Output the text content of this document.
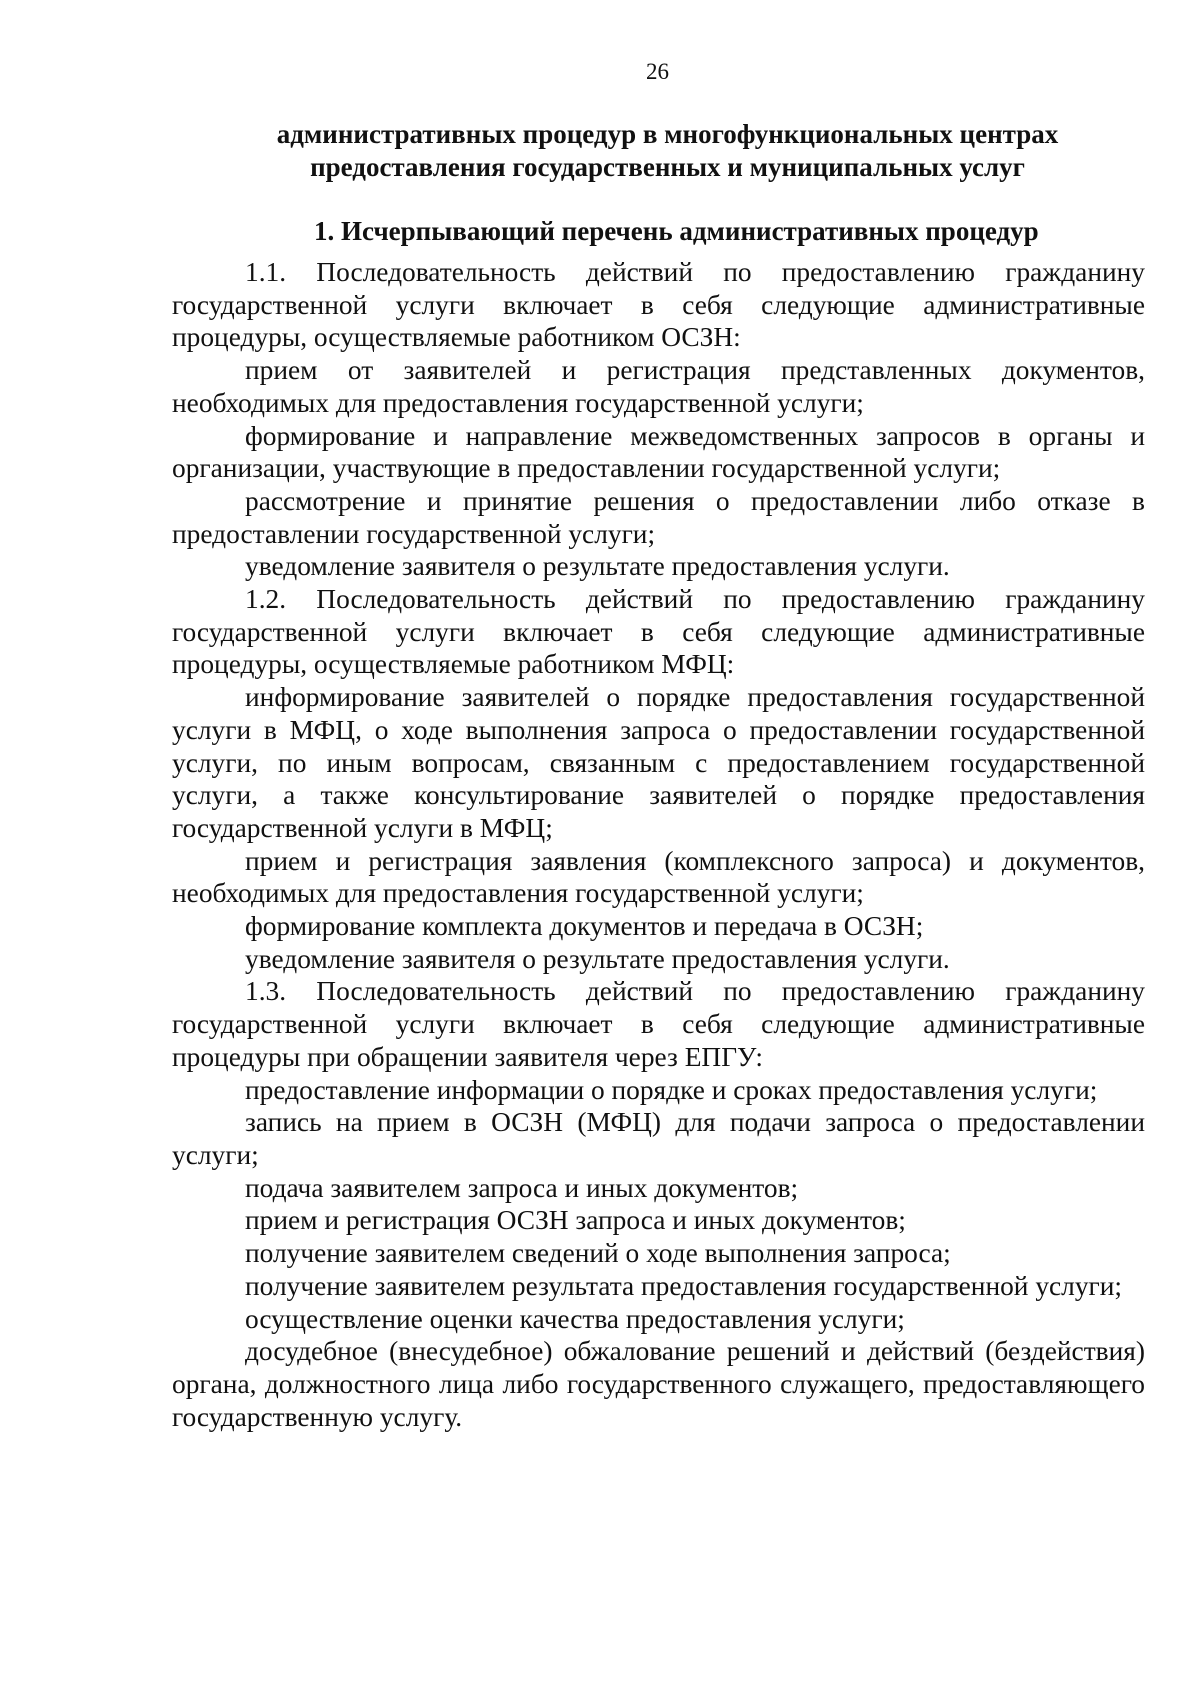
26
административных процедур в многофункциональных центрах
предоставления государственных и муниципальных услуг
1. Исчерпывающий перечень административных процедур

1.1. Последовательность действий по предоставлению гражданину государственной услуги включает в себя следующие административные процедуры, осуществляемые работником ОСЗН:

прием от заявителей и регистрация представленных документов, необходимых для предоставления государственной услуги;

формирование и направление межведомственных запросов в органы и организации, участвующие в предоставлении государственной услуги;

рассмотрение и принятие решения о предоставлении либо отказе в предоставлении государственной услуги;

уведомление заявителя о результате предоставления услуги.

1.2. Последовательность действий по предоставлению гражданину государственной услуги включает в себя следующие административные процедуры, осуществляемые работником МФЦ:

информирование заявителей о порядке предоставления государственной услуги в МФЦ, о ходе выполнения запроса о предоставлении государственной услуги, по иным вопросам, связанным с предоставлением государственной услуги, а также консультирование заявителей о порядке предоставления государственной услуги в МФЦ;

прием и регистрация заявления (комплексного запроса) и документов, необходимых для предоставления государственной услуги;

формирование комплекта документов и передача в ОСЗН;

уведомление заявителя о результате предоставления услуги.

1.3. Последовательность действий по предоставлению гражданину государственной услуги включает в себя следующие административные процедуры при обращении заявителя через ЕПГУ:

предоставление информации о порядке и сроках предоставления услуги;

запись на прием в ОСЗН (МФЦ) для подачи запроса о предоставлении услуги;

подача заявителем запроса и иных документов;

прием и регистрация ОСЗН запроса и иных документов;

получение заявителем сведений о ходе выполнения запроса;

получение заявителем результата предоставления государственной услуги;

осуществление оценки качества предоставления услуги;

досудебное (внесудебное) обжалование решений и действий (бездействия) органа, должностного лица либо государственного служащего, предоставляющего государственную услугу.
